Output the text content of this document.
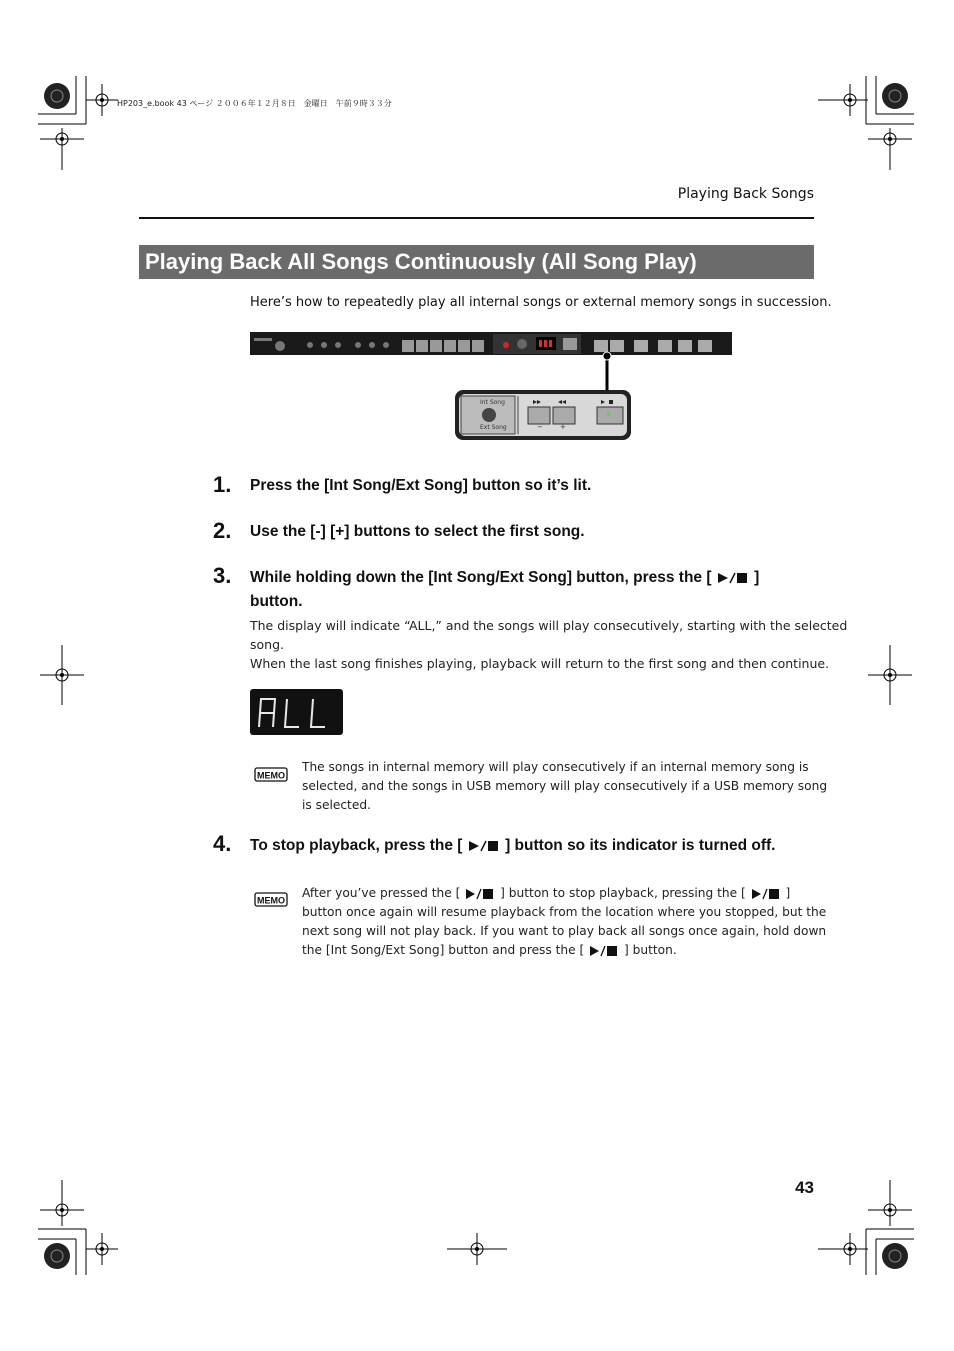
HP203_e.book 43 ページ ２００６年１２月８日　金曜日　午前９時３３分
Playing Back Songs
Playing Back All Songs Continuously (All Song Play)
Here’s how to repeatedly play all internal songs or external memory songs in succession.
Int Song
Ext Song	− +
1. Press the [Int Song/Ext Song] button so it’s lit.
2. Use the [-] [+] buttons to select the first song.
3. While holding down the [Int Song/Ext Song] button, press the [	]
button.
The display will indicate “ALL,” and the songs will play consecutively, starting with the selected
song.
When the last song finishes playing, playback will return to the first song and then continue.
MEMO
The songs in internal memory will play consecutively if an internal memory song is
selected, and the songs in USB memory will play consecutively if a USB memory song
is selected.
4. To stop playback, press the [	] button so its indicator is turned off.
MEMO
After you’ve pressed the [	] button to stop playback, pressing the [	]
button once again will resume playback from the location where you stopped, but the
next song will not play back. If you want to play back all songs once again, hold down
the [Int Song/Ext Song] button and press the [	] button.
43
